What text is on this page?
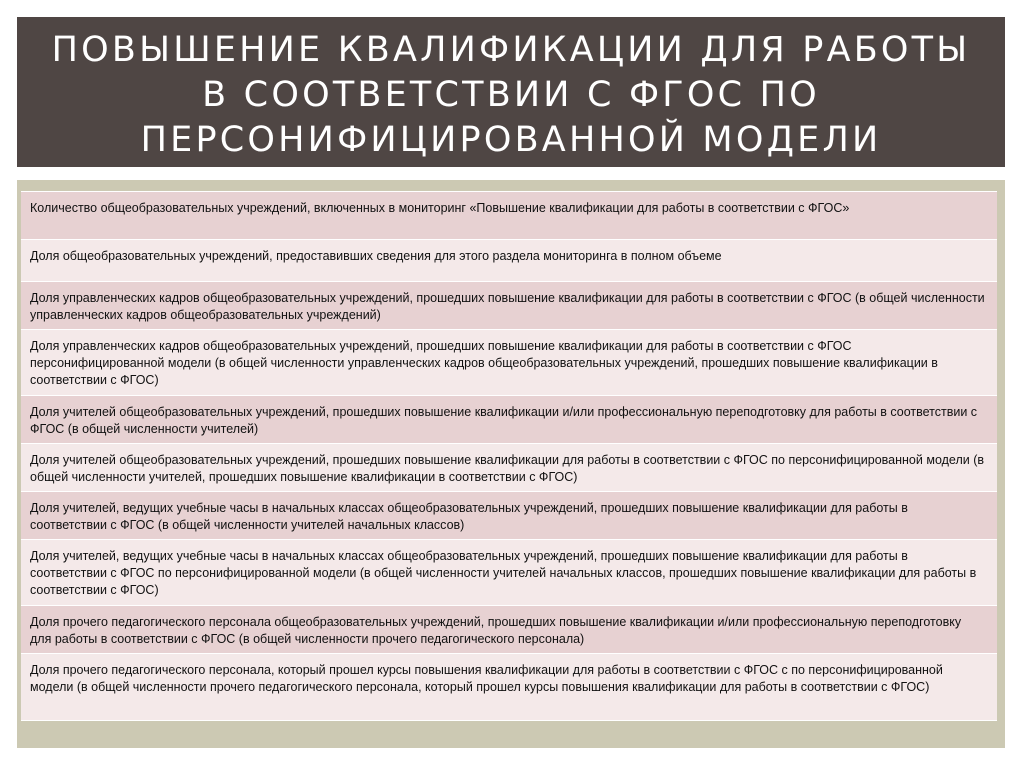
ПОВЫШЕНИЕ КВАЛИФИКАЦИИ ДЛЯ РАБОТЫ
В СООТВЕТСТВИИ С ФГОС ПО
ПЕРСОНИФИЦИРОВАННОЙ МОДЕЛИ
Количество общеобразовательных учреждений, включенных в мониторинг «Повышение квалификации для работы в соответствии с ФГОС»
Доля общеобразовательных учреждений, предоставивших сведения для этого раздела мониторинга в полном объеме
Доля управленческих кадров общеобразовательных учреждений, прошедших повышение квалификации для работы в соответствии с ФГОС (в общей численности управленческих кадров общеобразовательных учреждений)
Доля управленческих кадров общеобразовательных учреждений, прошедших повышение квалификации для работы в соответствии с ФГОС персонифицированной модели (в общей численности управленческих кадров общеобразовательных учреждений, прошедших повышение квалификации в соответствии с ФГОС)
Доля учителей общеобразовательных учреждений, прошедших повышение квалификации и/или профессиональную переподготовку для работы в соответствии с ФГОС (в общей численности учителей)
Доля учителей общеобразовательных учреждений, прошедших повышение квалификации для работы в соответствии с ФГОС по персонифицированной модели (в общей численности учителей, прошедших повышение квалификации в соответствии с ФГОС)
Доля учителей, ведущих учебные часы в начальных классах общеобразовательных учреждений, прошедших повышение квалификации для работы в соответствии с ФГОС (в общей численности учителей начальных классов)
Доля учителей, ведущих учебные часы в начальных классах общеобразовательных учреждений, прошедших повышение квалификации для работы в соответствии с ФГОС по персонифицированной модели (в общей численности учителей начальных классов, прошедших повышение квалификации для работы в соответствии с ФГОС)
Доля прочего педагогического персонала общеобразовательных учреждений, прошедших повышение квалификации и/или профессиональную переподготовку для работы в соответствии с ФГОС (в общей численности прочего педагогического персонала)
Доля прочего педагогического персонала, который прошел курсы повышения квалификации для работы в соответствии с ФГОС с по персонифицированной модели (в общей численности прочего педагогического персонала, который прошел курсы повышения квалификации для работы в соответствии с ФГОС)
